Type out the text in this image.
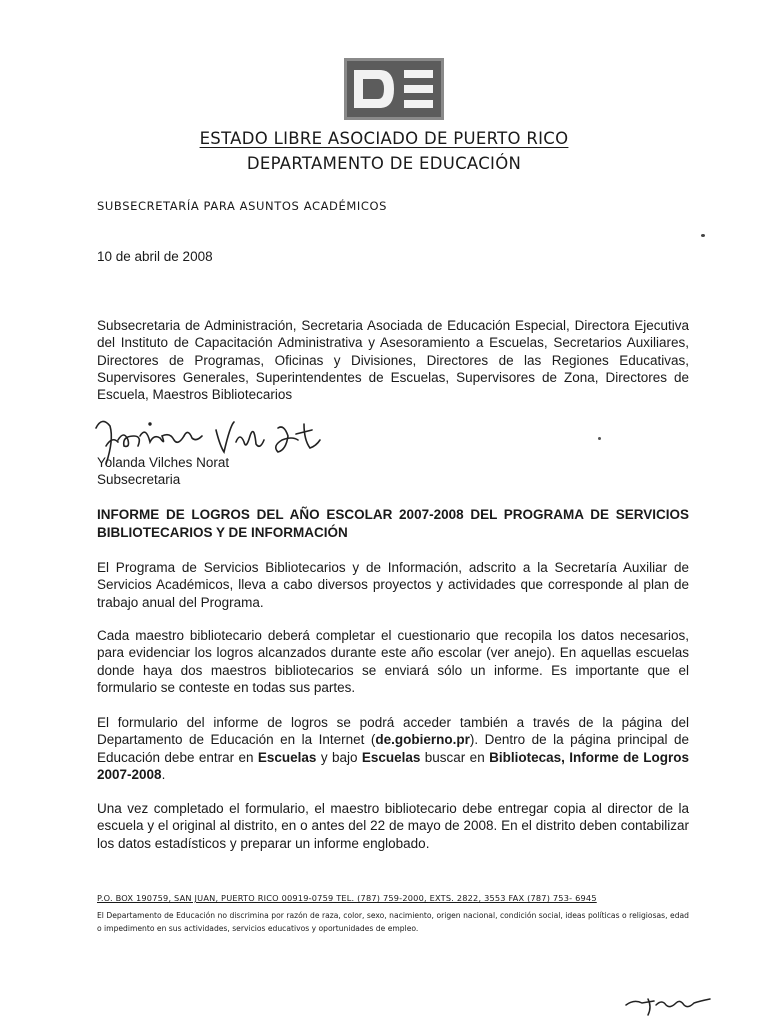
ESTADO LIBRE ASOCIADO DE PUERTO RICO
DEPARTAMENTO DE EDUCACIÓN
SUBSECRETARÍA PARA ASUNTOS ACADÉMICOS
10 de abril de 2008
Subsecretaria de Administración, Secretaria Asociada de Educación Especial, Directora Ejecutiva del Instituto de Capacitación Administrativa y Asesoramiento a Escuelas, Secretarios Auxiliares, Directores de Programas, Oficinas y Divisiones, Directores de las Regiones Educativas, Supervisores Generales, Superintendentes de Escuelas, Supervisores de Zona, Directores de Escuela, Maestros Bibliotecarios
Yolanda Vilches Norat
Subsecretaria
INFORME DE LOGROS DEL AÑO ESCOLAR 2007-2008 DEL PROGRAMA DE SERVICIOS BIBLIOTECARIOS Y DE INFORMACIÓN
El Programa de Servicios Bibliotecarios y de Información, adscrito a la Secretaría Auxiliar de Servicios Académicos, lleva a cabo diversos proyectos y actividades que corresponde al plan de trabajo anual del Programa.
Cada maestro bibliotecario deberá completar el cuestionario que recopila los datos necesarios, para evidenciar los logros alcanzados durante este año escolar (ver anejo). En aquellas escuelas donde haya dos maestros bibliotecarios se enviará sólo un informe. Es importante que el formulario se conteste en todas sus partes.
El formulario del informe de logros se podrá acceder también a través de la página del Departamento de Educación en la Internet (de.gobierno.pr). Dentro de la página principal de Educación debe entrar en Escuelas y bajo Escuelas buscar en Bibliotecas, Informe de Logros 2007-2008.
Una vez completado el formulario, el maestro bibliotecario debe entregar copia al director de la escuela y el original al distrito, en o antes del 22 de mayo de 2008. En el distrito deben contabilizar los datos estadísticos y preparar un informe englobado.
P.O. BOX 190759, SAN JUAN, PUERTO RICO 00919-0759 TEL. (787) 759-2000, EXTS. 2822, 3553 FAX (787) 753- 6945
El Departamento de Educación no discrimina por razón de raza, color, sexo, nacimiento, origen nacional, condición social, ideas políticas o religiosas, edad o impedimento en sus actividades, servicios educativos y oportunidades de empleo.
